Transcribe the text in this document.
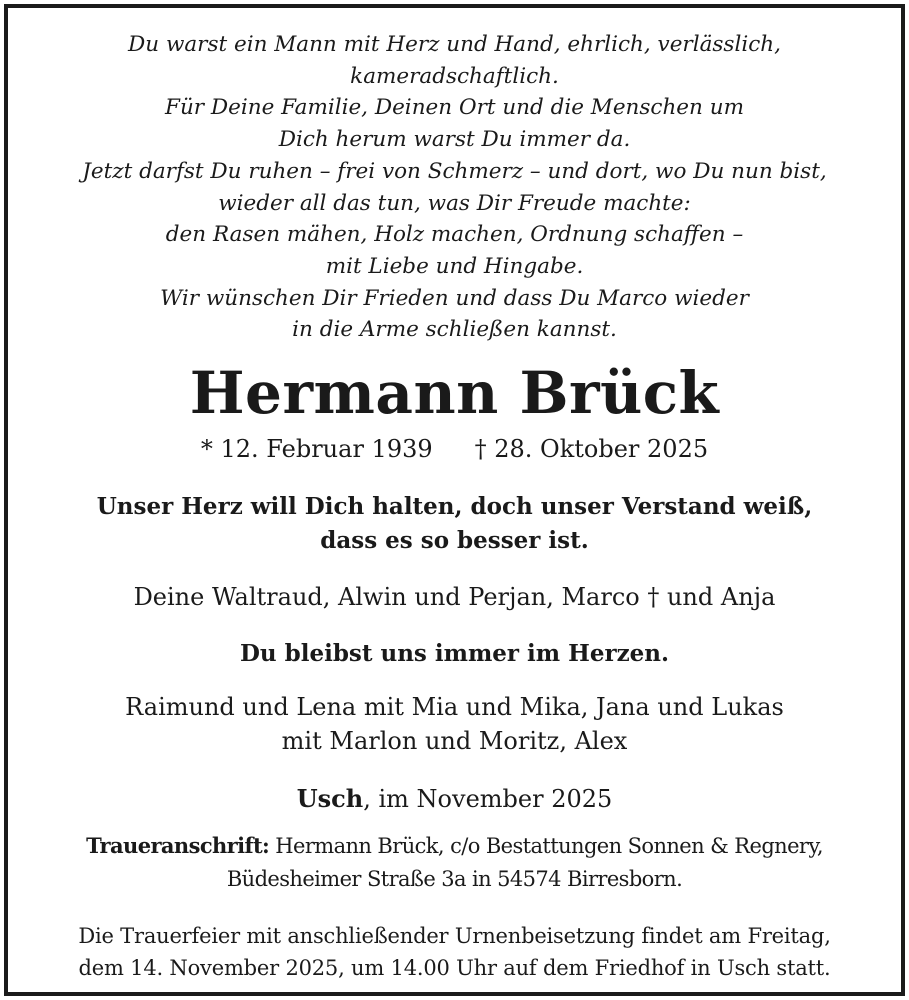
Du warst ein Mann mit Herz und Hand, ehrlich, verlässlich,
kameradschaftlich.
Für Deine Familie, Deinen Ort und die Menschen um
Dich herum warst Du immer da.
Jetzt darfst Du ruhen – frei von Schmerz – und dort, wo Du nun bist,
wieder all das tun, was Dir Freude machte:
den Rasen mähen, Holz machen, Ordnung schaffen –
mit Liebe und Hingabe.
Wir wünschen Dir Frieden und dass Du Marco wieder
in die Arme schließen kannst.
Hermann Brück
* 12. Februar 1939 † 28. Oktober 2025
Unser Herz will Dich halten, doch unser Verstand weiß,
dass es so besser ist.
Deine Waltraud, Alwin und Perjan, Marco † und Anja
Du bleibst uns immer im Herzen.
Raimund und Lena mit Mia und Mika, Jana und Lukas
mit Marlon und Moritz, Alex
Usch, im November 2025
Traueranschrift: Hermann Brück, c/o Bestattungen Sonnen & Regnery,
Büdesheimer Straße 3a in 54574 Birresborn.
Die Trauerfeier mit anschließender Urnenbeisetzung findet am Freitag,
dem 14. November 2025, um 14.00 Uhr auf dem Friedhof in Usch statt.
